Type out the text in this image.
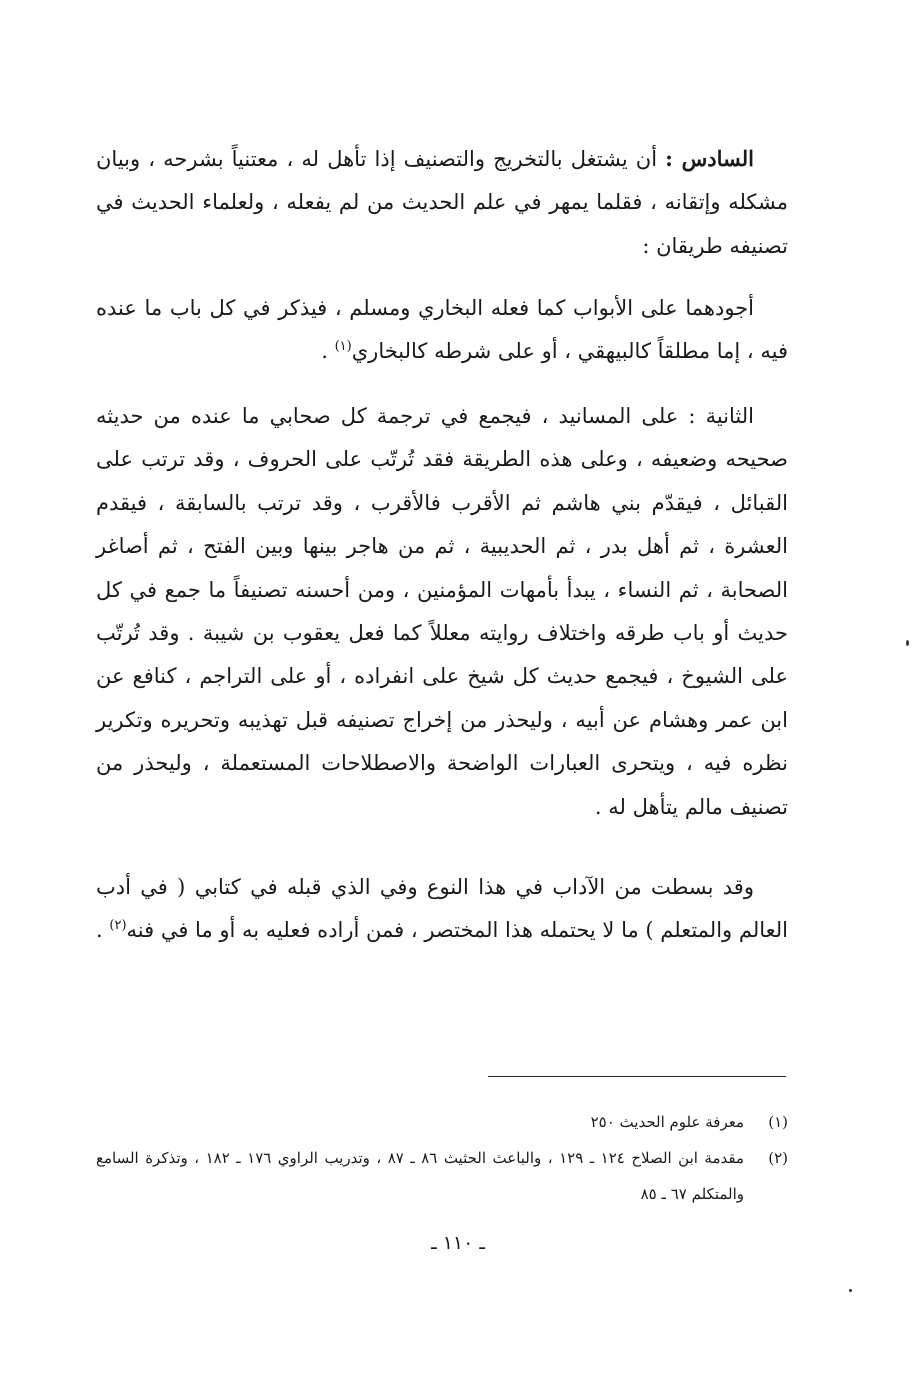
السادس : أن يشتغل بالتخريج والتصنيف إذا تأهل له ، معتنياً بشرحه ، وبيان مشكله وإتقانه ، فقلما يمهر في علم الحديث من لم يفعله ، ولعلماء الحديث في تصنيفه طريقان :

أجودهما على الأبواب كما فعله البخاري ومسلم ، فيذكر في كل باب ما عنده فيه ، إما مطلقاً كالبيهقي ، أو على شرطه كالبخاري$^{(١)}$ .

الثانية : على المسانيد ، فيجمع في ترجمة كل صحابي ما عنده من حديثه صحيحه وضعيفه ، وعلى هذه الطريقة فقد تُرتّب على الحروف ، وقد ترتب على القبائل ، فيقدّم بني هاشم ثم الأقرب فالأقرب ، وقد ترتب بالسابقة ، فيقدم العشرة ، ثم أهل بدر ، ثم الحديبية ، ثم من هاجر بينها وبين الفتح ، ثم أصاغر الصحابة ، ثم النساء ، يبدأ بأمهات المؤمنين ، ومن أحسنه تصنيفاً ما جمع في كل حديث أو باب طرقه واختلاف روايته معللاً كما فعل يعقوب بن شيبة . وقد تُرتّب على الشيوخ ، فيجمع حديث كل شيخ على انفراده ، أو على التراجم ، كنافع عن ابن عمر وهشام عن أبيه ، وليحذر من إخراج تصنيفه قبل تهذيبه وتحريره وتكرير نظره فيه ، ويتحرى العبارات الواضحة والاصطلاحات المستعملة ، وليحذر من تصنيف مالم يتأهل له .

وقد بسطت من الآداب في هذا النوع وفي الذي قبله في كتابي ( في أدب العالم والمتعلم ) ما لا يحتمله هذا المختصر ، فمن أراده فعليه به أو ما في فنه$^{(٢)}$ .

(١)
معرفة علوم الحديث ٢٥٠
(٢)
مقدمة ابن الصلاح ١٢٤ ـ ١٢٩ ، والباعث الحثيث ٨٦ ـ ٨٧ ، وتدريب الراوي ١٧٦ ـ ١٨٢ ، وتذكرة السامع والمتكلم ٦٧ ـ ٨٥
ـ ١١٠ ـ
